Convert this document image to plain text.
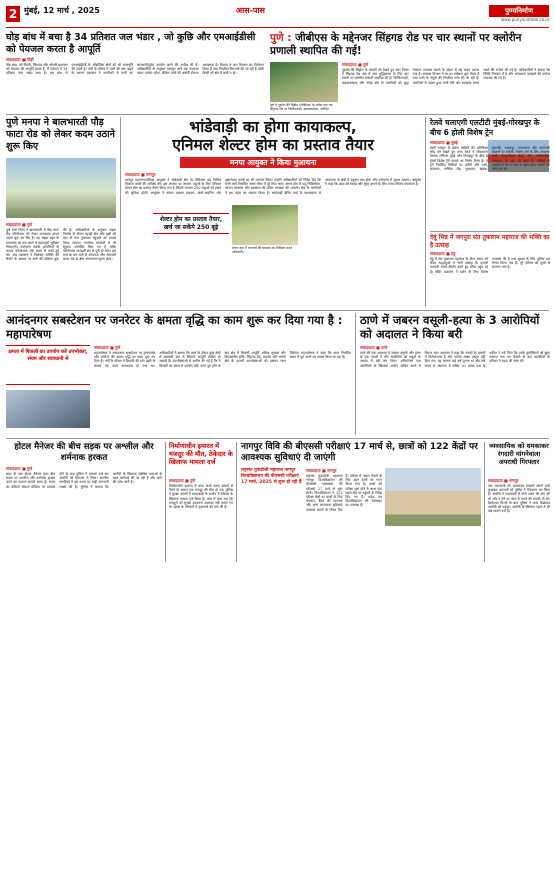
2 मुंबई, 12 मार्च , 2025	आस-पास	पुण्यनिर्माण
www.punyanirman.co.in
घोड़ बांध में बचा है 34 प्रतिशत जल भंडार , जो कुछि और एमआईडीसी को पेयजल करता है आपूर्ति
संवाददाता ■ पौड़ी
पौड़ बांध, जो पिंपरी, चिंचवड़ और भोसरी प्रशासन को पेयजल की आपूर्ति करता है, में वर्तमान में 34 प्रतिशत जल भंडार बचा है। इस बांध से एमआईडीसी के औद्योगिक क्षेत्रों को भी जलापूर्ति की जाती है। गर्मी के मौसम में पानी की मांग बढ़ने के कारण प्रशासन ने नागरिकों से पानी का सावधानीपूर्वक उपयोग करने की अपील की है। अधिकारियों के अनुसार मानसून आने तक उपलब्ध भंडार पर्याप्त रहेगा, लेकिन पानी की बर्बादी रोकना आवश्यक है। विभाग ने जल वितरण का नियोजन किया है तथा नियमित निगरानी की जा रही है ताकि किसी भी क्षेत्र में कमी न हो।
पुणे : जीबीएस के मद्देनजर सिंहगड रोड पर चार स्थानों पर क्लोरीन प्रणाली स्थापित की गई!
पुणे में गुइलेन-बैरे सिंड्रोम (जीबीएस) के मरीज़ पाए गए। सिंहगढ़ रोड पर किर्किटवाड़ी, खड़कवासला, नांदेड़ित
संवाददाता ■ पुणे
गुइलेन-बैरे सिंड्रोम के मामलों को देखते हुए नगर निगम ने सिंहगड रोड क्षेत्र में जल शुद्धिकरण के लिए चार स्थानों पर क्लोरीन प्रणाली स्थापित की है। किर्किटवाड़ी, खड़कवासला और नांदेड़ क्षेत्र के नागरिकों को शुद्ध पेयजल उपलब्ध कराने के उद्देश्य से यह कदम उठाया गया है। स्वास्थ्य विभाग ने घर-घर सर्वेक्षण शुरू किया है तथा पानी के नमूनों की नियमित जांच की जा रही है। नागरिकों से उबला हुआ पानी पीने और स्वच्छता बनाए रखने की अपील की गई है। अधिकारियों ने बताया कि स्थिति नियंत्रण में है और आवश्यक दवाइयों की पर्याप्त व्यवस्था की गई है।
पुणे मनपा ने बालभारती पौड़ फाटा रोड को लेकर कदम उठाने शुरू किए
संवाददाता ■ पुणे
पुणे नगर निगम ने बालभारती से पौड़ फाटा रोड परियोजना को लेकर आवश्यक कदम उठाने शुरू कर दिए हैं। यह सड़क शहर के यातायात को कम करने में महत्वपूर्ण भूमिका निभाएगी। पर्यावरण संबंधी आपत्तियों के कारण परियोजना लंबे समय से रुकी हुई थी। अब प्रशासन ने विशेषज्ञ समिति की रिपोर्ट के आधार पर आगे की प्रक्रिया शुरू की है। अधिकारियों के अनुसार सड़क निर्माण के दौरान पहाड़ी क्षेत्र और वृक्षों को कम से कम नुकसान पहुंचाने का प्रयास किया जाएगा। नागरिक संगठनों से भी सुझाव आमंत्रित किए गए हैं ताकि परियोजना पारदर्शी ढंग से पूरी हो सके। इस मार्ग के बन जाने से कोथरूड और सेनापति बापट रोड के बीच आवागमन सुगम होगा।
भांडेवाड़ी का होगा कायाकल्प,
एनिमल शेल्टर होम का प्रस्ताव तैयार
मनपा आयुक्त ने किया मुआयना
संवाददाता ■ नागपुर
नागपुर महानगरपालिका आयुक्त ने भांडेवाड़ी क्षेत्र का निरीक्षण कर विभिन्न विकास कार्यों की समीक्षा की। इस अवसर पर आवारा पशुओं के लिए एनिमल शेल्टर होम का प्रस्ताव तैयार किया गया है जिसमें लगभग 250 पशुओं को रखने की सुविधा होगी। आयुक्त ने कचरा प्रबंधन प्रकल्प, बायो-माइनिंग और वृक्षारोपण कार्यों का भी जायजा लिया। उन्होंने अधिकारियों को निर्देश दिए कि सभी कार्य निर्धारित समय सीमा में पूरे किए जाएं। शेल्टर होम में पशु चिकित्सक, भोजन व्यवस्था और स्वच्छता की उचित व्यवस्था की जाएगी। क्षेत्र के नागरिकों ने इस पहल का स्वागत किया है। भांडेवाड़ी डंपिंग यार्ड के कायाकल्प से आसपास के क्षेत्रों में प्रदूषण कम होगा और पर्यावरण में सुधार आएगा। आयुक्त ने कहा कि शहर को स्वच्छ और सुंदर बनाने के लिए मनपा निरंतर प्रयासरत है।
शेल्टर होम का प्रस्ताव तैयार, खर्च जा सकेंगे 250 बूढ़े
शेल्टर होम में जानवरों की व्यवस्था का निरीक्षण करते अधिकारी।
रेलवे चलाएगी एलटीटी मुंबई-गोरखपुर के बीच 6 होली विशेष ट्रेन
संवाददाता ■ मुंबई
होली त्योहार के दौरान यात्रियों की अतिरिक्त भीड़ को देखते हुए मध्य रेलवे ने लोकमान्य तिलक टर्मिनस मुंबई और गोरखपुर के बीच 6 होली विशेष ट्रेनें चलाने का निर्णय लिया है। ये ट्रेनें निर्धारित तिथियों पर चलेंगी और ठाणे, कल्याण, नासिक रोड, भुसावल, खंडवा, इटारसी, जबलपुर, प्रयागराज और वाराणसी स्टेशनों पर रुकेंगी। विशेष ट्रेनों के लिए आरक्षण सभी कंप्यूटरीकृत केंद्रों और आधिकारिक वेबसाइट पर शुरू हो चुका है। यात्रियों से अनुरोध है कि वे यात्रा से पहले समय सारणी की जांच कर लें।
देवूं भिन्न में जगपुरा संत तुकाराम महाराज की भक्ति का है उत्साह
संवाददाता ■ देहू
देहू में संत तुकाराम महाराज के बीज उत्सव को लेकर श्रद्धालुओं में भारी उत्साह है। हजारों वारकरी भजन-कीर्तन करते हुए मंदिर पहुंच रहे हैं। मंदिर प्रशासन ने दर्शन के लिए विशेष व्यवस्था की है तथा सुरक्षा के लिए पुलिस बल तैनात किया गया है। पूरे परिसर को फूलों से सजाया गया है।
आनंदनगर सबस्टेशन पर जनरेटर के क्षमता वृद्धि का काम शुरू कर दिया गया है : महापारेषण
क्षमता में बिजली का उपयोग करें उपभोक्ता, संयम और सावधानी से
संवाददाता ■ पुणे
महापारेषण ने आनंदनगर सबस्टेशन पर ट्रांसफार्मर और जनरेटर की क्षमता वृद्धि का काम शुरू कर दिया है। गर्मी के मौसम में बिजली की मांग बढ़ने के कारण यह कार्य आवश्यक हो गया था। अधिकारियों ने बताया कि कार्य के दौरान कुछ क्षेत्रों में अस्थायी रूप से बिजली आपूर्ति बाधित हो सकती है। उपभोक्ताओं से अपील की गई है कि वे बिजली का संयम से उपयोग करें। कार्य पूरा होने के बाद क्षेत्र में बिजली आपूर्ति अधिक सुचारू और विश्वसनीय होगी। सिंहगड रोड, वडगांव और धायरी क्षेत्र के हजारों उपभोक्ताओं को इसका लाभ मिलेगा। महापारेषण ने कहा कि काम निर्धारित समय में पूरा करने का प्रयास किया जा रहा है।
ठाणे में जबरन वसूली-हत्या के 3 आरोपियों को अदालत ने किया बरी
संवाददाता ■ ठाणे
ठाणे की एक अदालत ने जबरन वसूली और हत्या के एक मामले में तीन आरोपियों को सबूतों के अभाव में बरी कर दिया। अभियोजन पक्ष आरोपियों के खिलाफ आरोप साबित करने में विफल रहा। अदालत ने कहा कि गवाहों के बयानों में विरोधाभास है और पर्याप्त साक्ष्य प्रस्तुत नहीं किए गए। यह मामला कई वर्ष पुराना था और लंबे समय से अदालत में लंबित था। बचाव पक्ष के वकील ने तर्क दिया कि उनके मुवक्किलों को झूठा फंसाया गया था। फैसले के बाद आरोपियों के परिवार ने राहत की सांस ली।
होटल मैनेजर की बीच सड़क पर अश्लील और शर्मनाक हरकत
संवाददाता ■ पुणे
शहर के एक होटल मैनेजर द्वारा बीच सड़क पर अश्लील और शर्मनाक हरकत करने का मामला सामने आया है। घटना का वीडियो सोशल मीडिया पर वायरल होने के बाद पुलिस ने मामला दर्ज कर आरोपी को हिरासत में लिया। स्थानीय नागरिकों ने इस घटना पर कड़ी नाराजगी व्यक्त की है। पुलिस ने बताया कि आरोपी के खिलाफ संबंधित धाराओं के तहत कार्रवाई की जा रही है और आगे की जांच जारी है।
निर्माणाधीन इमारत में मजदूर की मौत, ठेकेदार के खिलाफ मामला दर्ज
संवाददाता ■ पुणे
निर्माणाधीन इमारत में काम करते समय ऊंचाई से गिरने के कारण एक मजदूर की मौत हो गई। पुलिस ने सुरक्षा उपायों में लापरवाही के आरोप में ठेकेदार के खिलाफ मामला दर्ज किया है। जांच में पाया गया कि मजदूरों को सुरक्षा उपकरण उपलब्ध नहीं कराए गए थे। मृतक के परिजनों ने मुआवजे की मांग की है।
नागपुर विवि की बीएससी परीक्षाएं 17 मार्च से, छात्रों को 122 केंद्रों पर आवश्यक सुविधाएं दी जाएंगी
राष्ट्रसंत तुकडोजी महाराज नागपुर विश्वविद्यालय की बीएससी परीक्षाएं 17 मार्च, 2025 से शुरू हो रही हैं
संवाददाता ■ नागपुर
राष्ट्रसंत तुकडोजी महाराज नागपुर विश्वविद्यालय की बीएससी पाठ्यक्रम की परीक्षाएं 17 मार्च से शुरू होंगी। विश्वविद्यालय ने 122 परीक्षा केंद्रों पर छात्रों के लिए पेयजल, बैठने की व्यवस्था और अन्य आवश्यक सुविधाएं उपलब्ध कराने के निर्देश दिए हैं। परीक्षा में नकल रोकने के लिए उड़न दस्तों का गठन किया गया है। छात्रों को परीक्षा शुरू होने से आधा घंटा पहले केंद्र पर पहुंचने के निर्देश दिए गए हैं। प्रवेश पत्र विश्वविद्यालय की वेबसाइट पर उपलब्ध हैं।
व्यवसायिक को धमकाकर रंगदारी मांगनेवाला अपराधी गिरफ्तार
संवाददाता ■ नागपुर
एक व्यवसायी को धमकाकर रंगदारी मांगने वाले कुख्यात अपराधी को पुलिस ने गिरफ्तार कर लिया है। आरोपी ने व्यवसायी से मोटी रकम की मांग की थी और न देने पर जान से मारने की धमकी दी थी। शिकायत मिलने के बाद पुलिस ने जाल बिछाकर आरोपी को पकड़ा। आरोपी के खिलाफ पहले से भी कई मामले दर्ज हैं।
